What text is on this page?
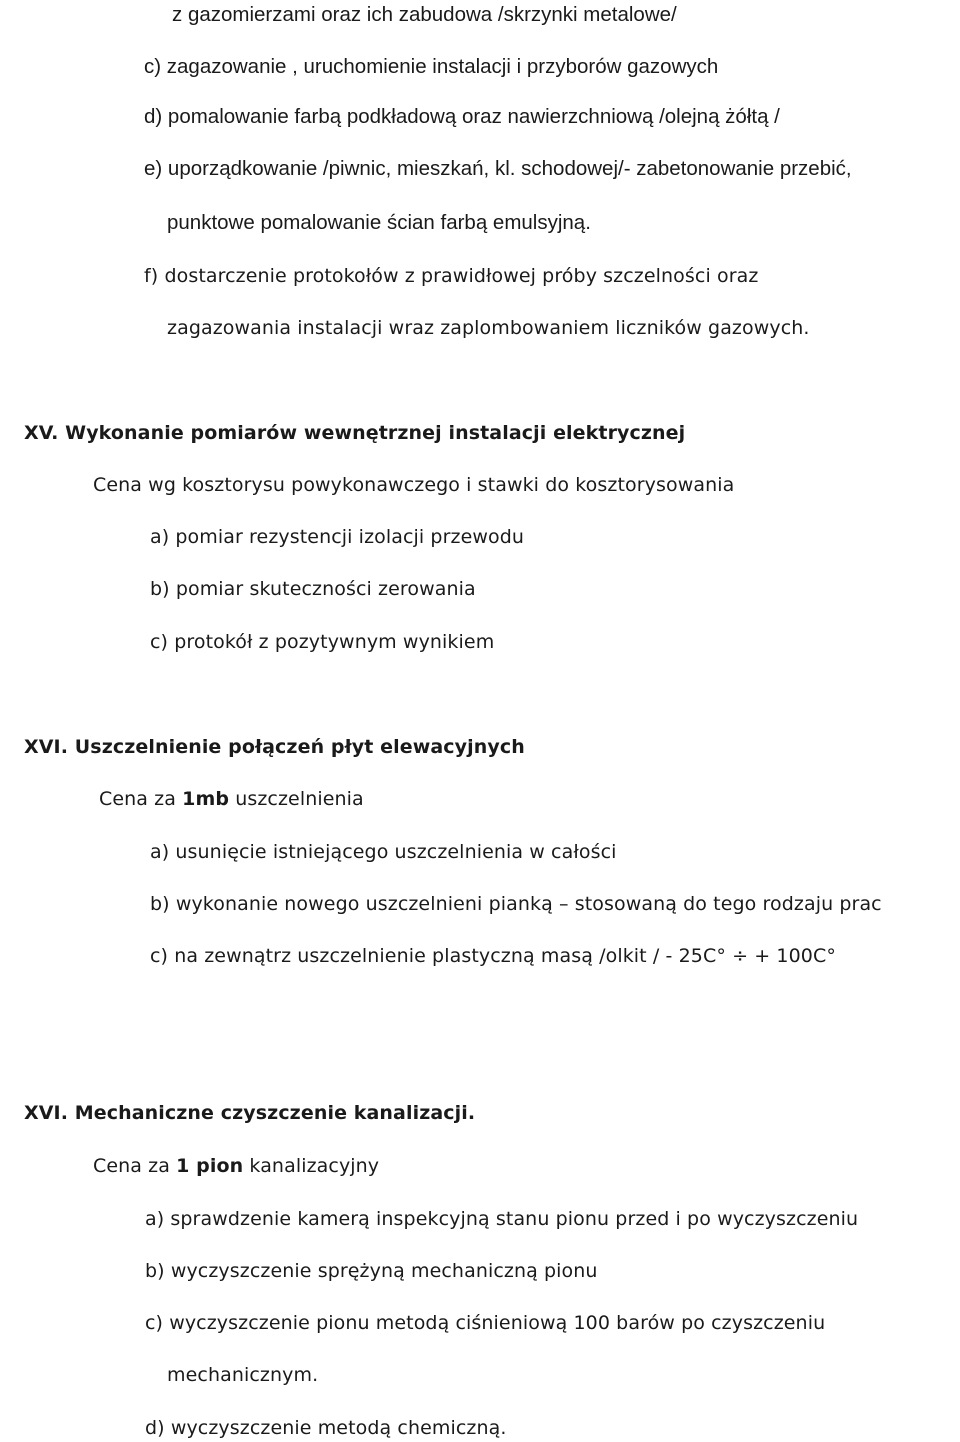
z gazomierzami oraz ich zabudowa /skrzynki metalowe/
c) zagazowanie , uruchomienie instalacji i przyborów gazowych
d) pomalowanie farbą podkładową oraz nawierzchniową /olejną żółtą /
e) uporządkowanie /piwnic, mieszkań, kl. schodowej/- zabetonowanie przebić,
punktowe pomalowanie ścian farbą emulsyjną.
f) dostarczenie protokołów z prawidłowej próby szczelności oraz
zagazowania instalacji wraz zaplombowaniem liczników gazowych.
XV. Wykonanie pomiarów wewnętrznej instalacji elektrycznej
Cena wg kosztorysu powykonawczego i stawki do kosztorysowania
a) pomiar rezystencji izolacji przewodu
b) pomiar skuteczności zerowania
c) protokół z pozytywnym wynikiem
XVI. Uszczelnienie połączeń płyt elewacyjnych
Cena za 1mb uszczelnienia
a) usunięcie istniejącego uszczelnienia w całości
b) wykonanie nowego uszczelnieni pianką – stosowaną do tego rodzaju prac
c) na zewnątrz uszczelnienie plastyczną masą /olkit / - 25C° ÷ + 100C°
XVI. Mechaniczne czyszczenie kanalizacji.
Cena za 1 pion kanalizacyjny
a) sprawdzenie kamerą inspekcyjną stanu pionu przed i po wyczyszczeniu
b) wyczyszczenie sprężyną mechaniczną pionu
c) wyczyszczenie pionu metodą ciśnieniową 100 barów po czyszczeniu
mechanicznym.
d) wyczyszczenie metodą chemiczną.
